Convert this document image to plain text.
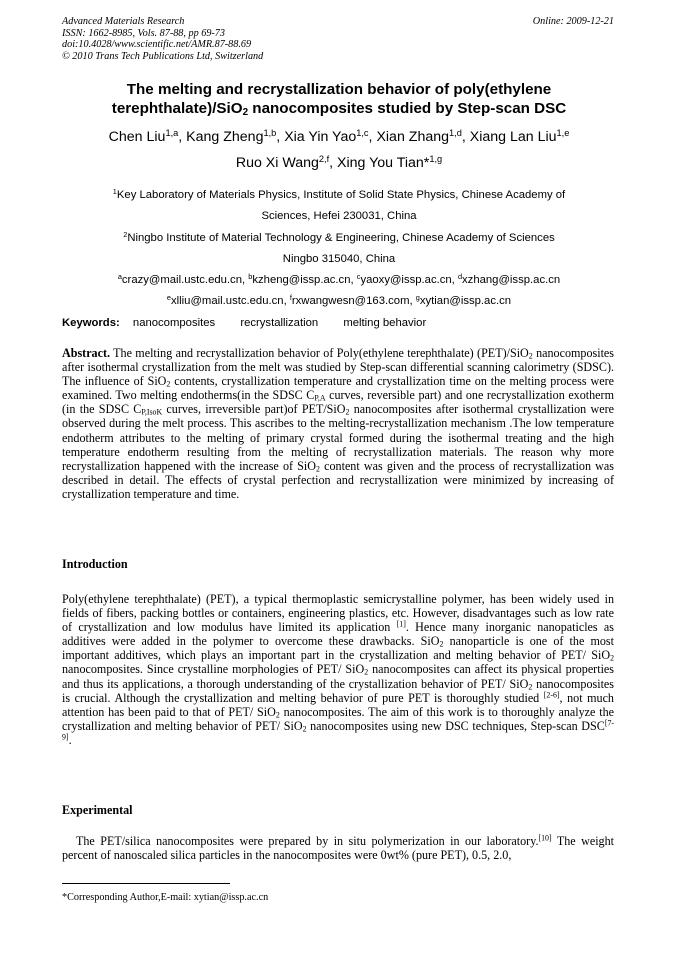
Advanced Materials Research
ISSN: 1662-8985, Vols. 87-88, pp 69-73
doi:10.4028/www.scientific.net/AMR.87-88.69
© 2010 Trans Tech Publications Ltd, Switzerland
Online: 2009-12-21
The melting and recrystallization behavior of poly(ethylene
terephthalate)/SiO$_2$ nanocomposites studied by Step-scan DSC
Chen Liu$^{1,a}$, Kang Zheng$^{1,b}$, Xia Yin Yao$^{1,c}$, Xian Zhang$^{1,d}$, Xiang Lan Liu$^{1,e}$
Ruo Xi Wang$^{2,f}$, Xing You Tian*$^{1,g}$
$^1$Key Laboratory of Materials Physics, Institute of Solid State Physics, Chinese Academy of
Sciences, Hefei 230031, China
$^2$Ningbo Institute of Material Technology & Engineering, Chinese Academy of Sciences
Ningbo 315040, China
$^a$crazy@mail.ustc.edu.cn, $^b$kzheng@issp.ac.cn, $^c$yaoxy@issp.ac.cn, $^d$xzhang@issp.ac.cn
$^e$xlliu@mail.ustc.edu.cn, $^f$rxwangwesn@163.com, $^g$xytian@issp.ac.cn
Keywords: nanocomposites recrystallization melting behavior
Abstract. The melting and recrystallization behavior of Poly(ethylene terephthalate) (PET)/SiO$_2$ nanocomposites after isothermal crystallization from the melt was studied by Step-scan differential scanning calorimetry (SDSC). The influence of SiO$_2$ contents, crystallization temperature and crystallization time on the melting process were examined. Two melting endotherms(in the SDSC $C_{P,A}$ curves, reversible part) and one recrystallization exotherm (in the SDSC $C_{P,IsoK}$ curves, irreversible part)of PET/SiO$_2$ nanocomposites after isothermal crystallization were observed during the melt process. This ascribes to the melting-recrystallization mechanism .The low temperature endotherm attributes to the melting of primary crystal formed during the isothermal treating and the high temperature endotherm resulting from the melting of recrystallization materials. The reason why more recrystallization happened with the increase of SiO$_2$ content was given and the process of recrystallization was described in detail. The effects of crystal perfection and recrystallization were minimized by increasing of crystallization temperature and time.
Introduction
Poly(ethylene terephthalate) (PET), a typical thermoplastic semicrystalline polymer, has been widely used in fields of fibers, packing bottles or containers, engineering plastics, etc. However, disadvantages such as low rate of crystallization and low modulus have limited its application [1]. Hence many inorganic nanopaticles as additives were added in the polymer to overcome these drawbacks. SiO$_2$ nanoparticle is one of the most important additives, which plays an important part in the crystallization and melting behavior of PET/ SiO$_2$ nanocomposites. Since crystalline morphologies of PET/ SiO$_2$ nanocomposites can affect its physical properties and thus its applications, a thorough understanding of the crystallization behavior of PET/ SiO$_2$ nanocomposites is crucial. Although the crystallization and melting behavior of pure PET is thoroughly studied [2-6], not much attention has been paid to that of PET/ SiO$_2$ nanocomposites. The aim of this work is to thoroughly analyze the crystallization and melting behavior of PET/ SiO$_2$ nanocomposites using new DSC techniques, Step-scan DSC[7-9].
Experimental
The PET/silica nanocomposites were prepared by in situ polymerization in our laboratory.[10] The weight percent of nanoscaled silica particles in the nanocomposites were 0wt% (pure PET), 0.5, 2.0,
*Corresponding Author,E-mail: xytian@issp.ac.cn
